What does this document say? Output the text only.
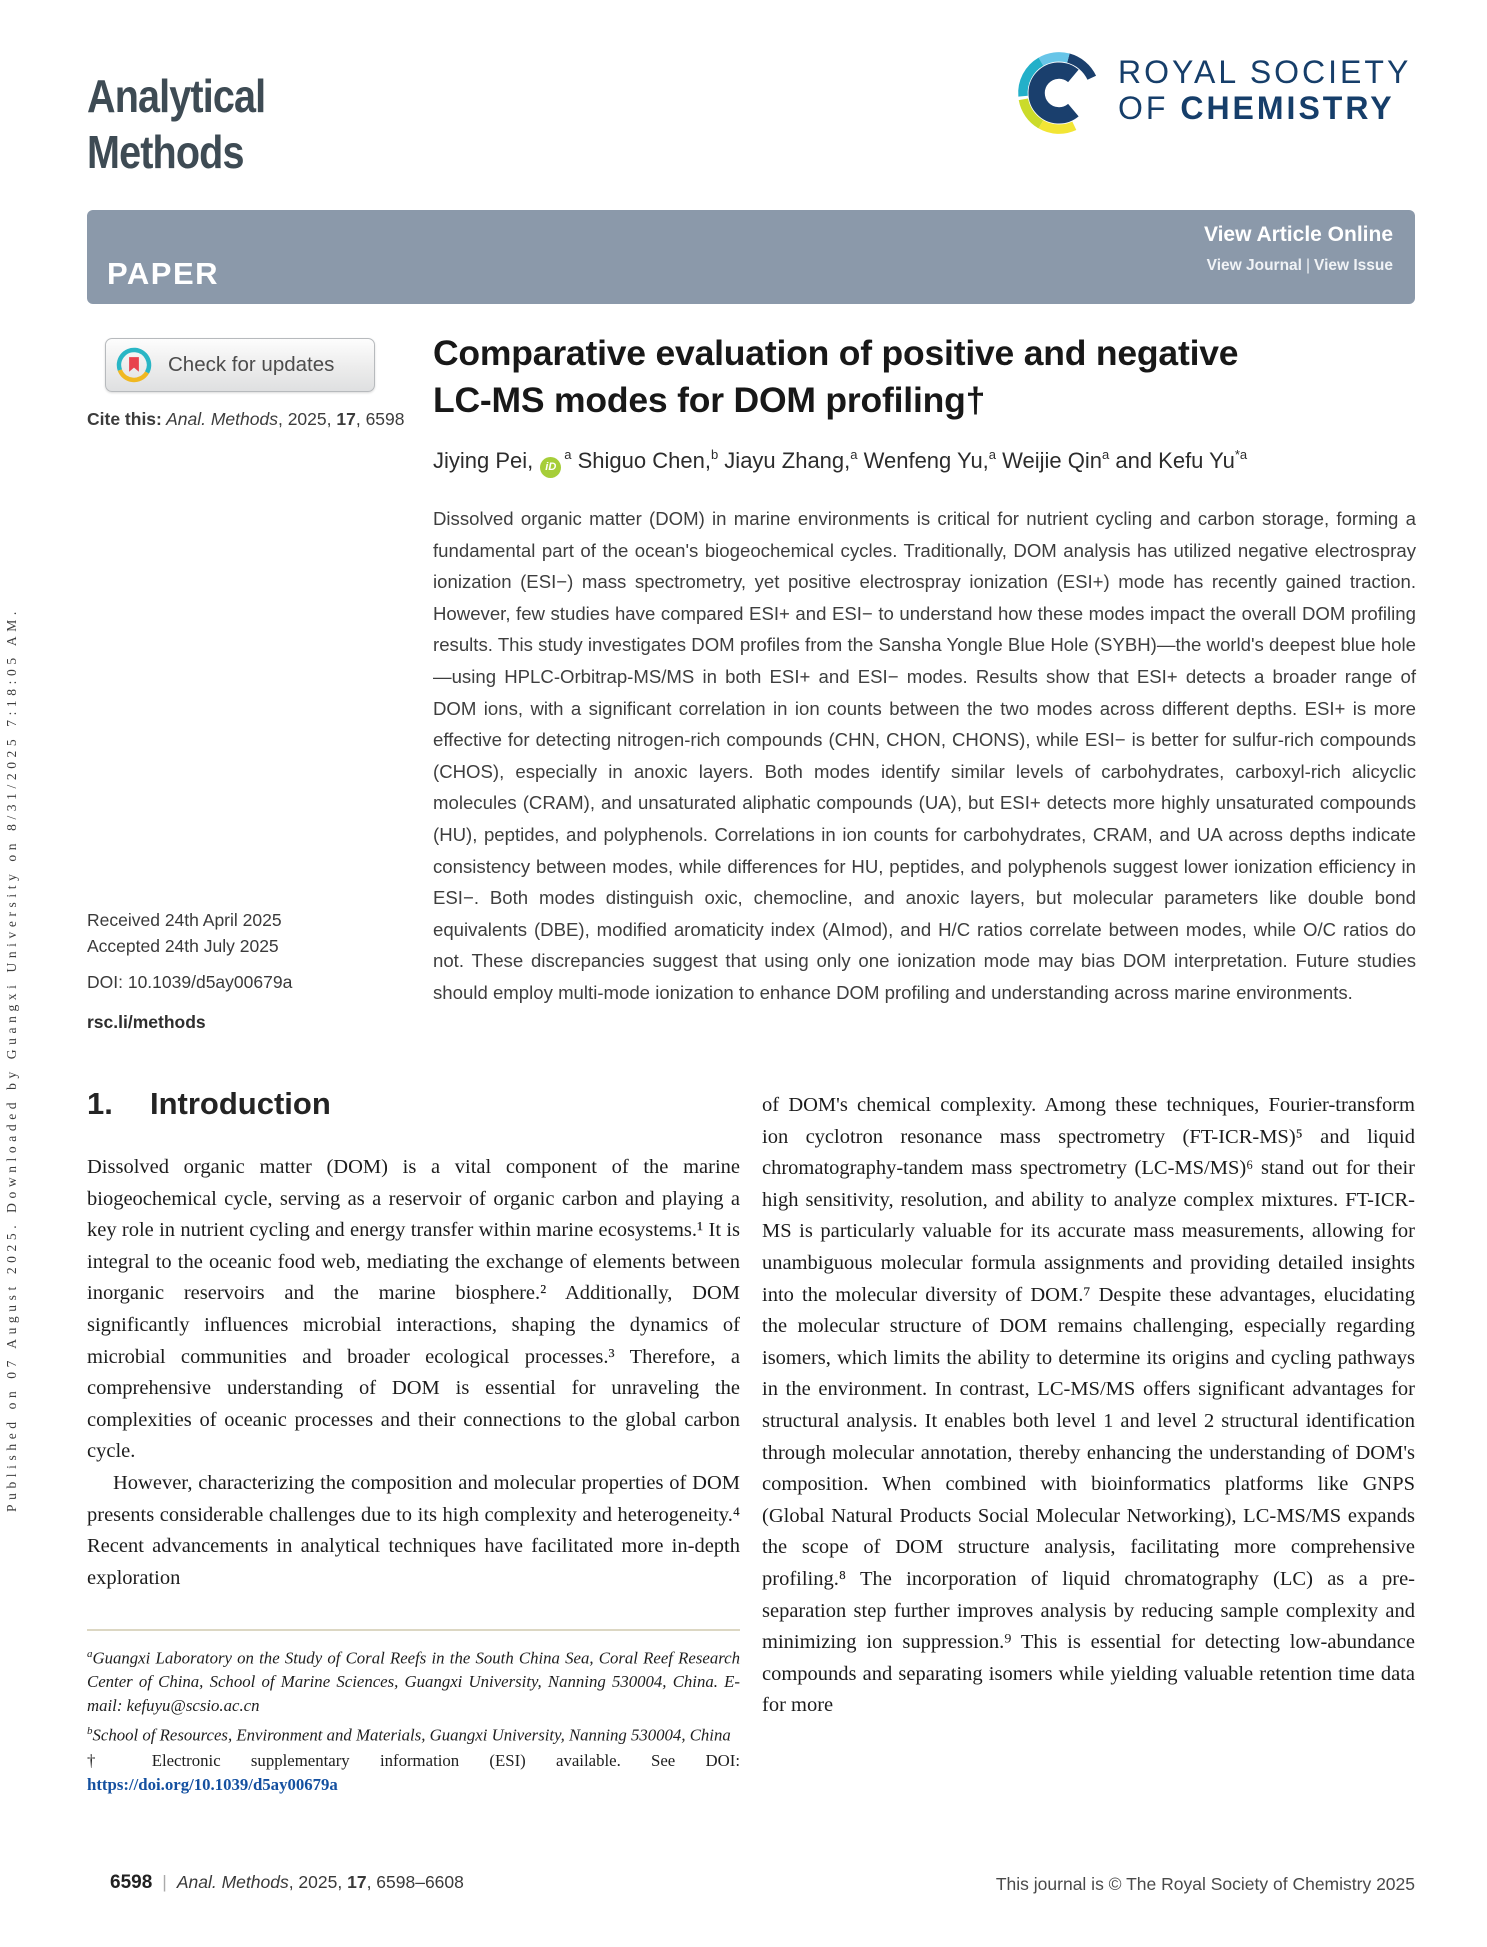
Published on 07 August 2025. Downloaded by Guangxi University on 8/31/2025 7:18:05 AM.
Analytical
Methods
ROYAL SOCIETY
OF CHEMISTRY
PAPER
View Article Online
View Journal | View Issue
Check for updates
Cite this: Anal. Methods, 2025, 17, 6598
Comparative evaluation of positive and negative
LC-MS modes for DOM profiling†
Jiying Pei, $iD^a$ Shiguo Chen,$^b$ Jiayu Zhang,$^a$ Wenfeng Yu,$^a$ Weijie Qin$^a$ and Kefu Yu$^{*a}$
Dissolved organic matter (DOM) in marine environments is critical for nutrient cycling and carbon storage, forming a fundamental part of the ocean's biogeochemical cycles. Traditionally, DOM analysis has utilized negative electrospray ionization (ESI−) mass spectrometry, yet positive electrospray ionization (ESI+) mode has recently gained traction. However, few studies have compared ESI+ and ESI− to understand how these modes impact the overall DOM profiling results. This study investigates DOM profiles from the Sansha Yongle Blue Hole (SYBH)—the world's deepest blue hole—using HPLC-Orbitrap-MS/MS in both ESI+ and ESI− modes. Results show that ESI+ detects a broader range of DOM ions, with a significant correlation in ion counts between the two modes across different depths. ESI+ is more effective for detecting nitrogen-rich compounds (CHN, CHON, CHONS), while ESI− is better for sulfur-rich compounds (CHOS), especially in anoxic layers. Both modes identify similar levels of carbohydrates, carboxyl-rich alicyclic molecules (CRAM), and unsaturated aliphatic compounds (UA), but ESI+ detects more highly unsaturated compounds (HU), peptides, and polyphenols. Correlations in ion counts for carbohydrates, CRAM, and UA across depths indicate consistency between modes, while differences for HU, peptides, and polyphenols suggest lower ionization efficiency in ESI−. Both modes distinguish oxic, chemocline, and anoxic layers, but molecular parameters like double bond equivalents (DBE), modified aromaticity index (AImod), and H/C ratios correlate between modes, while O/C ratios do not. These discrepancies suggest that using only one ionization mode may bias DOM interpretation. Future studies should employ multi-mode ionization to enhance DOM profiling and understanding across marine environments.
Received 24th April 2025
Accepted 24th July 2025
DOI: 10.1039/d5ay00679a
rsc.li/methods
1. Introduction

Dissolved organic matter (DOM) is a vital component of the marine biogeochemical cycle, serving as a reservoir of organic carbon and playing a key role in nutrient cycling and energy transfer within marine ecosystems.¹ It is integral to the oceanic food web, mediating the exchange of elements between inorganic reservoirs and the marine biosphere.² Additionally, DOM significantly influences microbial interactions, shaping the dynamics of microbial communities and broader ecological processes.³ Therefore, a comprehensive understanding of DOM is essential for unraveling the complexities of oceanic processes and their connections to the global carbon cycle.

However, characterizing the composition and molecular properties of DOM presents considerable challenges due to its high complexity and heterogeneity.⁴ Recent advancements in analytical techniques have facilitated more in-depth exploration

of DOM's chemical complexity. Among these techniques, Fourier-transform ion cyclotron resonance mass spectrometry (FT-ICR-MS)⁵ and liquid chromatography-tandem mass spectrometry (LC-MS/MS)⁶ stand out for their high sensitivity, resolution, and ability to analyze complex mixtures. FT-ICR-MS is particularly valuable for its accurate mass measurements, allowing for unambiguous molecular formula assignments and providing detailed insights into the molecular diversity of DOM.⁷ Despite these advantages, elucidating the molecular structure of DOM remains challenging, especially regarding isomers, which limits the ability to determine its origins and cycling pathways in the environment. In contrast, LC-MS/MS offers significant advantages for structural analysis. It enables both level 1 and level 2 structural identification through molecular annotation, thereby enhancing the understanding of DOM's composition. When combined with bioinformatics platforms like GNPS (Global Natural Products Social Molecular Networking), LC-MS/MS expands the scope of DOM structure analysis, facilitating more comprehensive profiling.⁸ The incorporation of liquid chromatography (LC) as a pre-separation step further improves analysis by reducing sample complexity and minimizing ion suppression.⁹ This is essential for detecting low-abundance compounds and separating isomers while yielding valuable retention time data for more

$^a$Guangxi Laboratory on the Study of Coral Reefs in the South China Sea, Coral Reef Research Center of China, School of Marine Sciences, Guangxi University, Nanning 530004, China. E-mail: kefuyu@scsio.ac.cn

$^b$School of Resources, Environment and Materials, Guangxi University, Nanning 530004, China

† Electronic supplementary information (ESI) available. See DOI: https://doi.org/10.1039/d5ay00679a

6598 | Anal. Methods, 2025, 17, 6598–6608	This journal is © The Royal Society of Chemistry 2025
